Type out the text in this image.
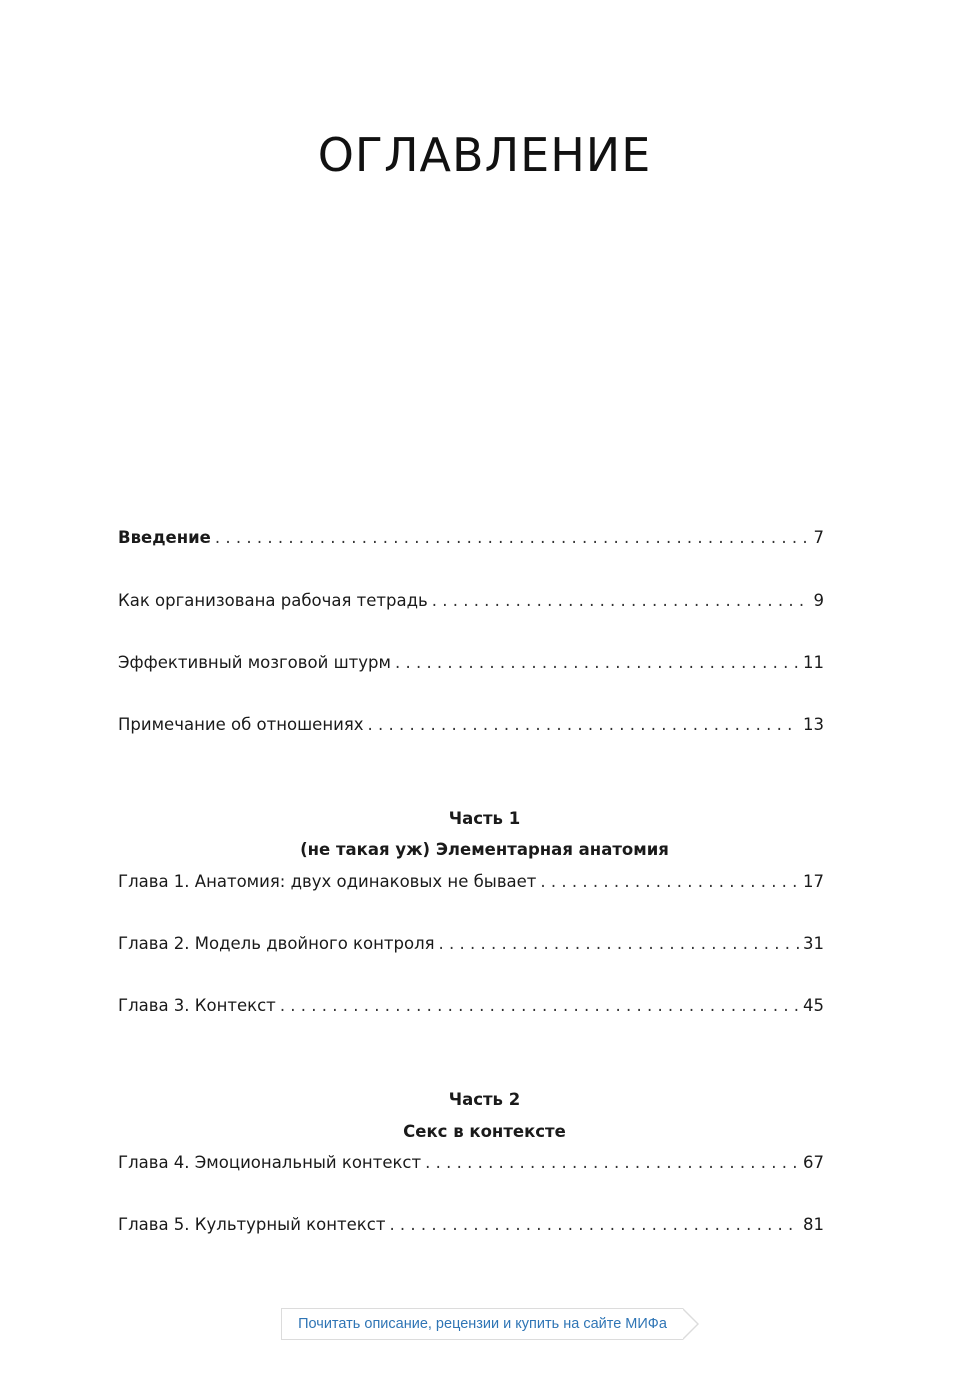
ОГЛАВЛЕНИЕ
Введение . . .	7
Как организована рабочая тетрадь . . .	9
Эффективный мозговой штурм . . .	11
Примечание об отношениях . . .	13
Часть 1
(не такая уж) Элементарная анатомия
Глава 1. Анатомия: двух одинаковых не бывает . . .	17
Глава 2. Модель двойного контроля . . .	31
Глава 3. Контекст . . .	45
Часть 2
Секс в контексте
Глава 4. Эмоциональный контекст . . .	67
Глава 5. Культурный контекст . . .	81
Почитать описание, рецензии и купить на сайте МИФа
